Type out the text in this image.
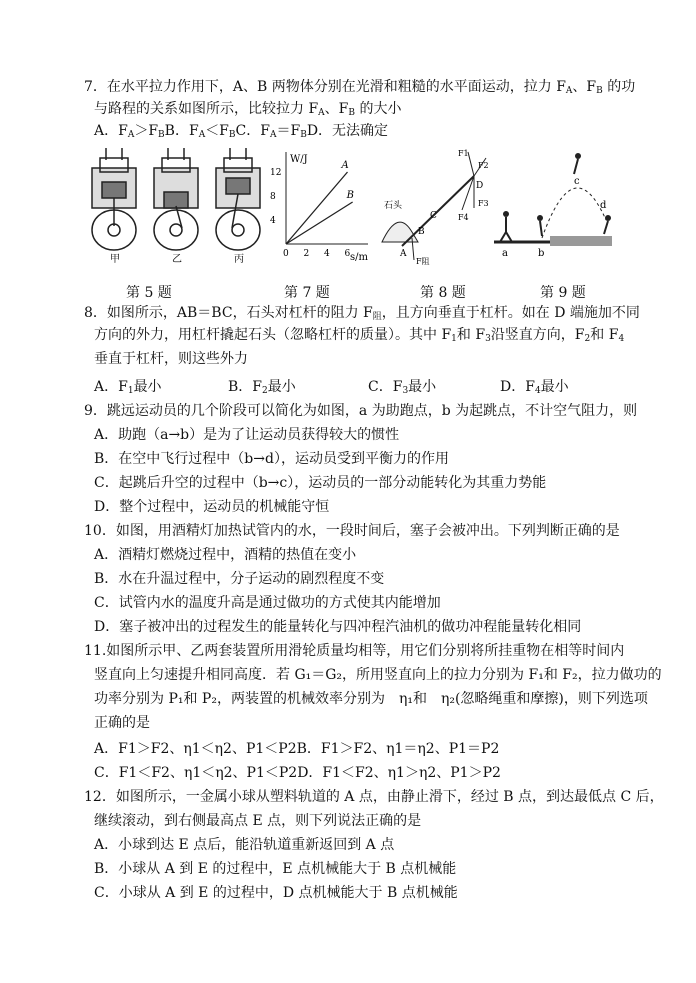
7．在水平拉力作用下，A、B 两物体分别在光滑和粗糙的水平面运动，拉力 $F_A$、$F_B$ 的功
与路程的关系如图所示，比较拉力 $F_A$、$F_B$ 的大小
A．$F_A>F_BB$．$F_A<F_BC$．$F_A=F_BD$．无法确定
甲	乙	丙
W/J
s/m
0 2 4 6
12
8
4
A
B
石头
F1
F2
F3
F4
D
C
B
A
F阻
a	b
c
d
第 5 题	第 7 题	第 8 题	第 9 题
8．如图所示，AB＝BC，石头对杠杆的阻力 $F_阻$，且方向垂直于杠杆。如在 D 端施加不同
方向的外力，用杠杆撬起石头（忽略杠杆的质量）。其中 $F_1$和 $F_3$沿竖直方向，$F_2$和 $F_4$
垂直于杠杆，则这些外力
A．$F_1$最小	B．$F_2$最小	C．$F_3$最小	D．$F_4$最小
9．跳远运动员的几个阶段可以简化为如图，a 为助跑点，b 为起跳点，不计空气阻力，则
A．助跑（a→b）是为了让运动员获得较大的惯性
B．在空中飞行过程中（b→d），运动员受到平衡力的作用
C．起跳后升空的过程中（b→c），运动员的一部分动能转化为其重力势能
D．整个过程中，运动员的机械能守恒
10．如图，用酒精灯加热试管内的水，一段时间后，塞子会被冲出。下列判断正确的是
A．酒精灯燃烧过程中，酒精的热值在变小
B．水在升温过程中，分子运动的剧烈程度不变
C．试管内水的温度升高是通过做功的方式使其内能增加
D．塞子被冲出的过程发生的能量转化与四冲程汽油机的做功冲程能量转化相同
11.如图所示甲、乙两套装置所用滑轮质量均相等，用它们分别将所挂重物在相等时间内
竖直向上匀速提升相同高度．若 G₁＝G₂，所用竖直向上的拉力分别为 F₁和 F₂，拉力做功的
功率分别为 P₁和 P₂，两装置的机械效率分别为　η₁和　η₂(忽略绳重和摩擦)，则下列选项
正确的是
A．F1＞F2、η1＜η2、P1＜P2B．F1＞F2、η1＝η2、P1＝P2
C．F1＜F2、η1＜η2、P1＜P2D．F1＜F2、η1＞η2、P1＞P2
12．如图所示，一金属小球从塑料轨道的 A 点，由静止滑下，经过 B 点，到达最低点 C 后，
继续滚动，到右侧最高点 E 点，则下列说法正确的是
A．小球到达 E 点后，能沿轨道重新返回到 A 点
B．小球从 A 到 E 的过程中，E 点机械能大于 B 点机械能
C．小球从 A 到 E 的过程中，D 点机械能大于 B 点机械能
